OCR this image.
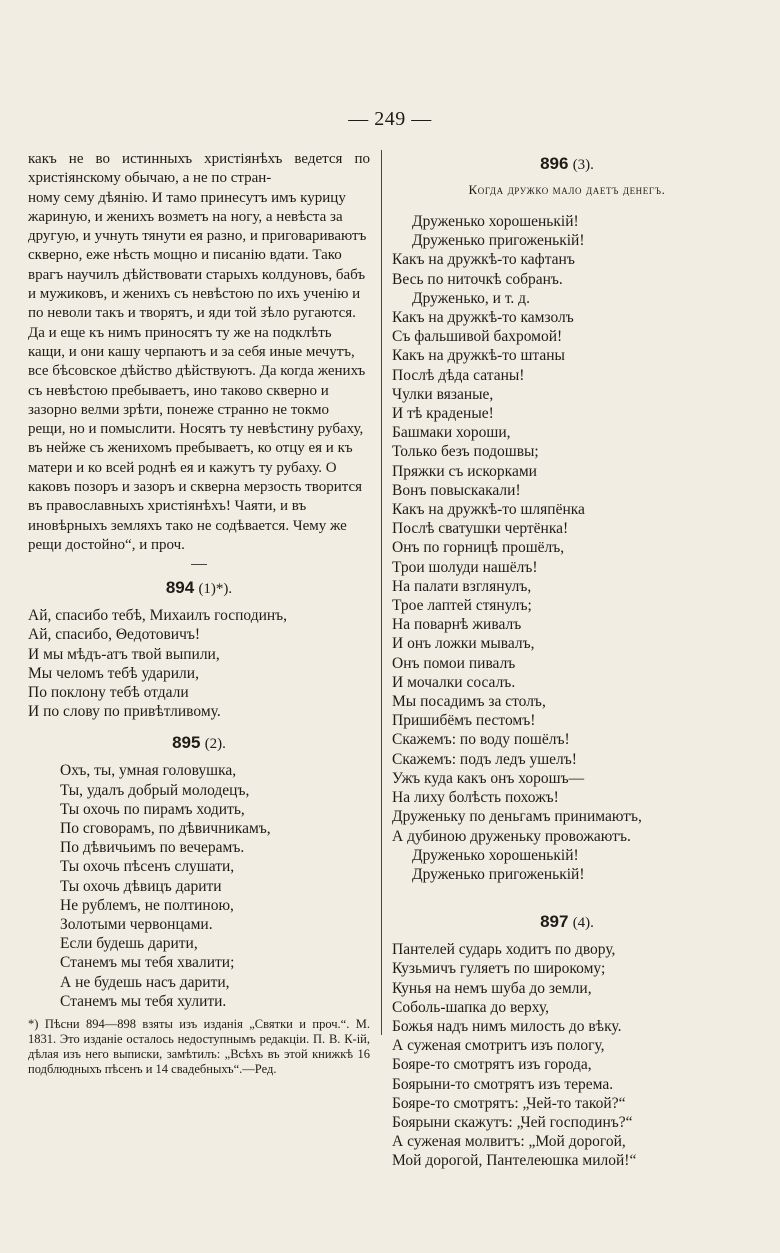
— 249 —

какъ не во истинныхъ христiянѣхъ ведется по христiянскому обычаю, а не по стран-

ному сему дѣянiю. И тамо принесутъ имъ курицу жариную, и женихъ возметъ на ногу, а невѣста за другую, и учнуть тянути ея разно, и приговариваютъ скверно, еже нѣсть мощно и писанiю вдати. Тако врагъ научилъ дѣйствовати старыхъ колдуновъ, бабъ и мужиковъ, и женихъ съ невѣстою по ихъ ученiю и по неволи такъ и творятъ, и яди той зѣло ругаются. Да и еще къ нимъ приносятъ ту же на подклѣть кащи, и они кашу черпаютъ и за себя иные мечутъ, все бѣсовское дѣйство дѣйствуютъ. Да когда женихъ съ невѣстою пребываетъ, ино таково скверно и зазорно велми зрѣти, понеже странно не токмо рещи, но и помыслити. Носятъ ту невѣстину рубаху, въ нейже съ женихомъ пребываетъ, ко отцу ея и къ матери и ко всей роднѣ ея и кажутъ ту рубаху. О каковъ позоръ и зазоръ и скверна мерзость творится въ православныхъ христiянѣхъ! Чаяти, и въ иновѣрныхъ земляхъ тако не содѣвается. Чему же рещи достойно“, и проч.

894 (1)*).
Ай, спасибо тебѣ, Михаилъ господинъ,
Ай, спасибо, Θедотовичъ!
И мы мѣдъ-атъ твой выпили,
Мы челомъ тебѣ ударили,
По поклону тебѣ отдали
И по слову по привѣтливому.
895 (2).
Охъ, ты, умная головушка,
Ты, удалъ добрый молодецъ,
Ты охочь по пирамъ ходить,
По сговорамъ, по дѣвичникамъ,
По дѣвичьимъ по вечерамъ.
Ты охочь пѣсенъ слушати,
Ты охочь дѣвицъ дарити
Не рублемъ, не полтиною,
Золотыми червонцами.
Если будешь дарити,
Станемъ мы тебя хвалити;
А не будешь насъ дарити,
Станемъ мы тебя хулити.
*) Пѣсни 894—898 взяты изъ изданiя „Святки и проч.“. М. 1831. Это изданiе осталось недоступнымъ редакцiи. П. В. К-iй, дѣлая изъ него выписки, замѣтилъ: „Всѣхъ въ этой книжкѣ 16 подблюдныхъ пѣсенъ и 14 свадебныхъ“.—Ред.
896 (3).
Когда дружко мало даетъ денегъ.
Друженько хорошенькiй!
Друженько пригоженькiй!
Какъ на дружкѣ-то кафтанъ
Весь по ниточкѣ собранъ.
Друженько, и т. д.
Какъ на дружкѣ-то камзолъ
Съ фальшивой бахромой!
Какъ на дружкѣ-то штаны
Послѣ дѣда сатаны!
Чулки вязаные,
И тѣ краденые!
Башмаки хороши,
Только безъ подошвы;
Пряжки съ искорками
Вонъ повыскакали!
Какъ на дружкѣ-то шляпёнка
Послѣ сватушки чертёнка!
Онъ по горницѣ прошёлъ,
Трои шолуди нашёлъ!
На палати взглянулъ,
Трое лаптей стянулъ;
На поварнѣ живалъ
И онъ ложки мывалъ,
Онъ помои пивалъ
И мочалки сосалъ.
Мы посадимъ за столъ,
Пришибёмъ пестомъ!
Скажемъ: по воду пошёлъ!
Скажемъ: подъ ледъ ушелъ!
Ужъ куда какъ онъ хорошъ—
На лиху болѣсть похожъ!
Друженьку по деньгамъ принимаютъ,
А дубиною друженьку провожаютъ.
Друженько хорошенькiй!
Друженько пригоженькiй!
897 (4).
Пантелей сударь ходитъ по двору,
Кузьмичъ гуляетъ по широкому;
Кунья на немъ шуба до земли,
Соболь-шапка до верху,
Божья надъ нимъ милость до вѣку.
А суженая смотритъ изъ пологу,
Бояре-то смотрятъ изъ города,
Боярыни-то смотрятъ изъ терема.
Бояре-то смотрятъ: „Чей-то такой?“
Боярыни скажутъ: „Чей господинъ?“
А суженая молвитъ: „Мой дорогой,
Мой дорогой, Пантелеюшка милой!“
